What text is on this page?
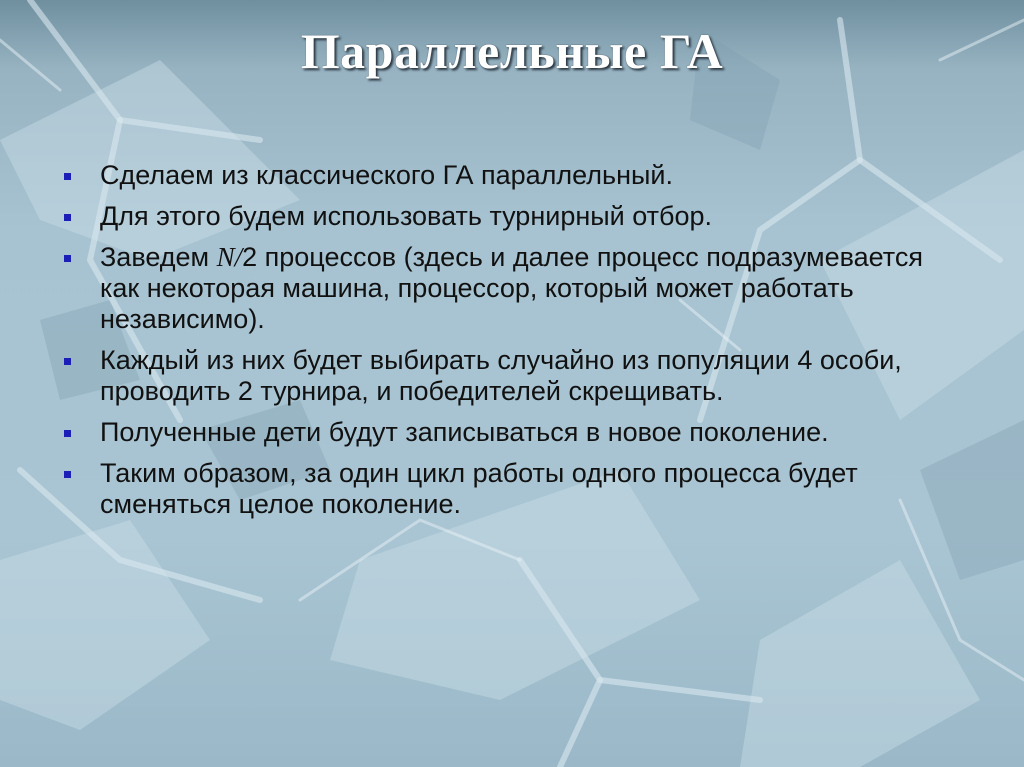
Параллельные ГА
Сделаем из классического ГА параллельный.
Для этого будем использовать турнирный отбор.
Заведем N/2 процессов (здесь и далее процесс подразумевается как некоторая машина, процессор, который может работать независимо).
Каждый из них будет выбирать случайно из популяции 4 особи, проводить 2 турнира, и победителей скрещивать.
Полученные дети будут записываться в новое поколение.
Таким образом, за один цикл работы одного процесса будет сменяться целое поколение.
